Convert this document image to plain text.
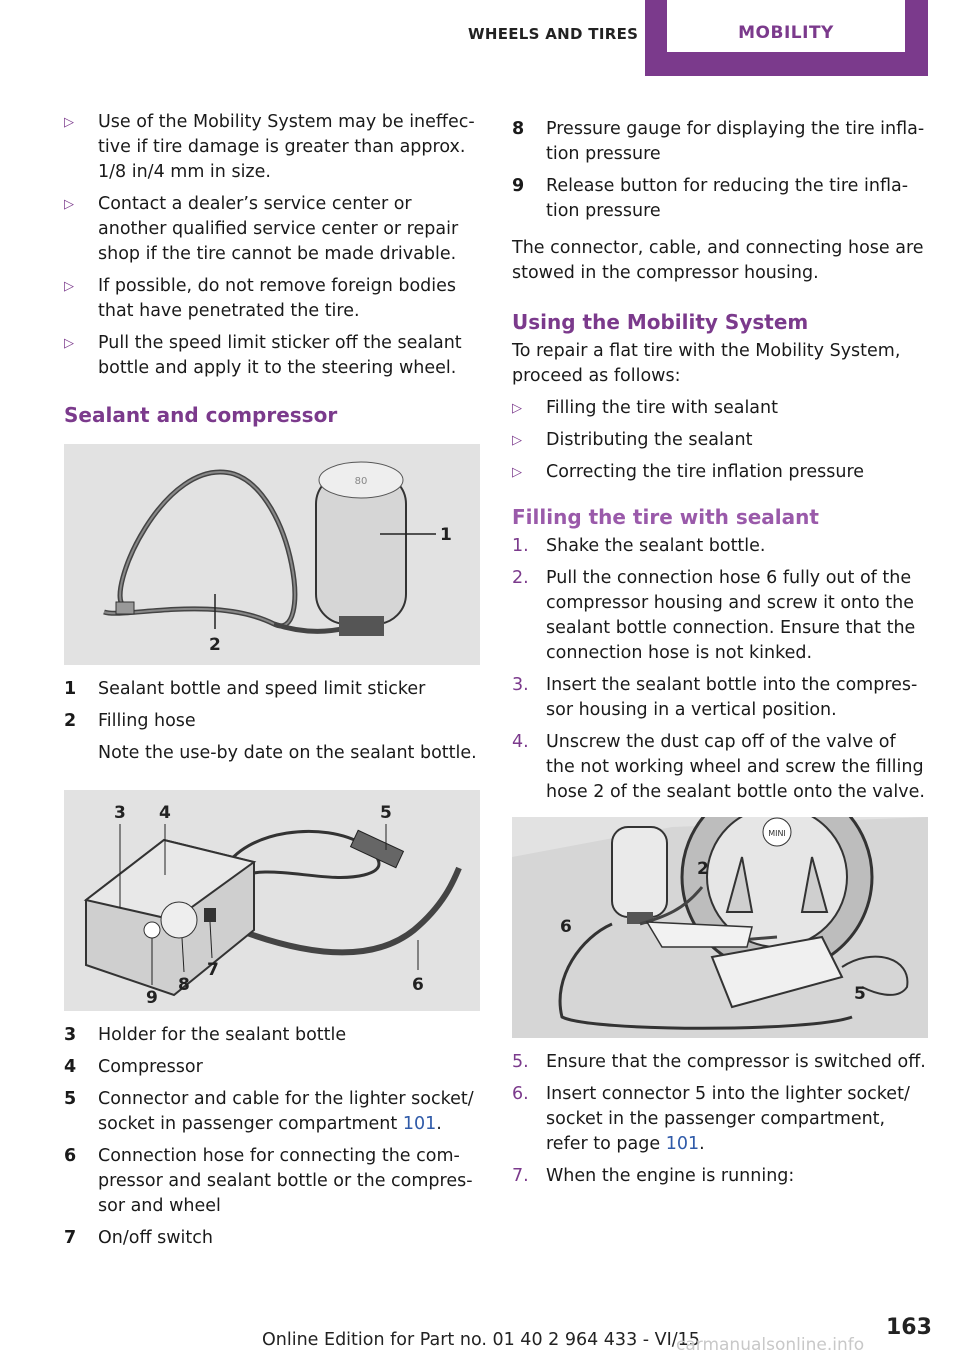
WHEELS AND TIRES	MOBILITY
▷ Use of the Mobility System may be ineffec-tive if tire damage is greater than approx. 1/8 in/4 mm in size.
▷ Contact a dealer’s service center or another qualified service center or repair shop if the tire cannot be made drivable.
▷ If possible, do not remove foreign bodies that have penetrated the tire.
▷ Pull the speed limit sticker off the sealant bottle and apply it to the steering wheel.
Sealant and compressor
80
1
2
1 Sealant bottle and speed limit sticker
2 Filling hose
Note the use-by date on the sealant bottle.
3 4	5
6
7
8
9
3 Holder for the sealant bottle
4 Compressor
5 Connector and cable for the lighter socket/ socket in passenger compartment 101.
6 Connection hose for connecting the com-pressor and sealant bottle or the compres-sor and wheel
7 On/off switch
8 Pressure gauge for displaying the tire infla-tion pressure
9 Release button for reducing the tire infla-tion pressure

The connector, cable, and connecting hose are stowed in the compressor housing.

Using the Mobility System

To repair a flat tire with the Mobility System, proceed as follows:

▷ Filling the tire with sealant
▷ Distributing the sealant
▷ Correcting the tire inflation pressure
Filling the tire with sealant
1. Shake the sealant bottle.
2. Pull the connection hose 6 fully out of the compressor housing and screw it onto the sealant bottle connection. Ensure that the connection hose is not kinked.
3. Insert the sealant bottle into the compres-sor housing in a vertical position.
4. Unscrew the dust cap off of the valve of the not working wheel and screw the filling hose 2 of the sealant bottle onto the valve.
MINI
2
6
5
5. Ensure that the compressor is switched off.
6. Insert connector 5 into the lighter socket/ socket in the passenger compartment, refer to page 101.
7. When the engine is running:
163
Online Edition for Part no. 01 40 2 964 433 - VI/15
carmanualsonline.info
